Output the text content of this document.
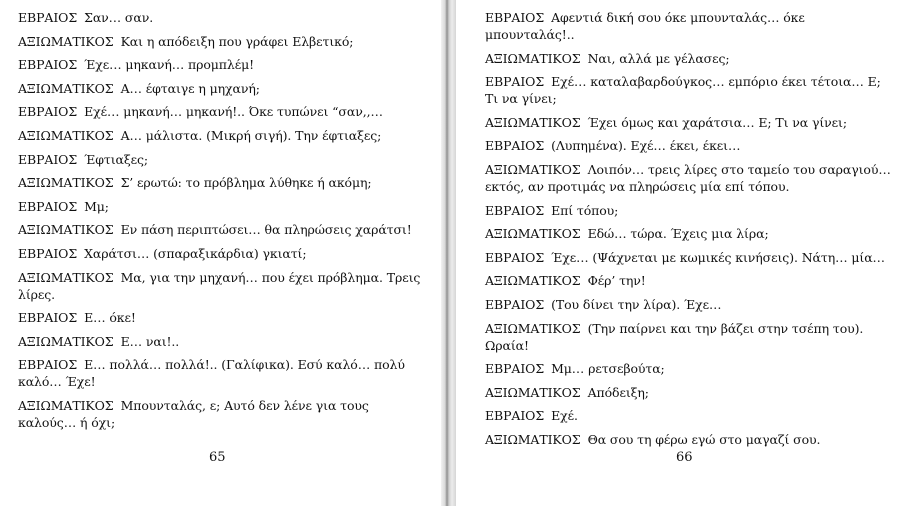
ΕΒΡΑΙΟΣ Σαν… σαν.
ΑΞΙΩΜΑΤΙΚΟΣ Και η απόδειξη που γράφει Ελβετικό;
ΕΒΡΑΙΟΣ Έχε… μηκανή… προμπλέμ!
ΑΞΙΩΜΑΤΙΚΟΣ Α… έφταιγε η μηχανή;
ΕΒΡΑΙΟΣ Εχέ… μηκανή… μηκανή!.. Όκε τυπώνει “σαν,,…
ΑΞΙΩΜΑΤΙΚΟΣ Α… μάλιστα. (Μικρή σιγή). Την έφτιαξες;
ΕΒΡΑΙΟΣ Έφτιαξες;
ΑΞΙΩΜΑΤΙΚΟΣ Σ’ ερωτώ: το πρόβλημα λύθηκε ή ακόμη;
ΕΒΡΑΙΟΣ Μμ;
ΑΞΙΩΜΑΤΙΚΟΣ Εν πάση περιπτώσει… θα πληρώσεις χαράτσι!
ΕΒΡΑΙΟΣ Χαράτσι… (σπαραξικάρδια) γκιατί;
ΑΞΙΩΜΑΤΙΚΟΣ Μα, για την μηχανή… που έχει πρόβλημα. Τρεις λίρες.
ΕΒΡΑΙΟΣ Ε… όκε!
ΑΞΙΩΜΑΤΙΚΟΣ Ε… ναι!..
ΕΒΡΑΙΟΣ Ε… πολλά… πολλά!.. (Γαλίφικα). Εσύ καλό… πολύ καλό… Έχε!
ΑΞΙΩΜΑΤΙΚΟΣ Μπουνταλάς, ε; Αυτό δεν λένε για τους καλούς… ή όχι;
65
ΕΒΡΑΙΟΣ Αφεντιά δική σου όκε μπουνταλάς… όκε μπουνταλάς!..
ΑΞΙΩΜΑΤΙΚΟΣ Ναι, αλλά με γέλασες;
ΕΒΡΑΙΟΣ Εχέ… καταλαβαρδούγκος… εμπόριο έκει τέτοια… Ε; Τι να γίνει;
ΑΞΙΩΜΑΤΙΚΟΣ Έχει όμως και χαράτσια… Ε; Τι να γίνει;
ΕΒΡΑΙΟΣ (Λυπημένα). Εχέ… έκει, έκει…
ΑΞΙΩΜΑΤΙΚΟΣ Λοιπόν… τρεις λίρες στο ταμείο του σαραγιού… εκτός, αν προτιμάς να πληρώσεις μία επί τόπου.
ΕΒΡΑΙΟΣ Επί τόπου;
ΑΞΙΩΜΑΤΙΚΟΣ Εδώ… τώρα. Έχεις μια λίρα;
ΕΒΡΑΙΟΣ Έχε… (Ψάχνεται με κωμικές κινήσεις). Νάτη… μία…
ΑΞΙΩΜΑΤΙΚΟΣ Φέρ’ την!
ΕΒΡΑΙΟΣ (Του δίνει την λίρα). Έχε…
ΑΞΙΩΜΑΤΙΚΟΣ (Την παίρνει και την βάζει στην τσέπη του). Ωραία!
ΕΒΡΑΙΟΣ Μμ… ρετσεβούτα;
ΑΞΙΩΜΑΤΙΚΟΣ Απόδειξη;
ΕΒΡΑΙΟΣ Εχέ.
ΑΞΙΩΜΑΤΙΚΟΣ Θα σου τη φέρω εγώ στο μαγαζί σου.
66
